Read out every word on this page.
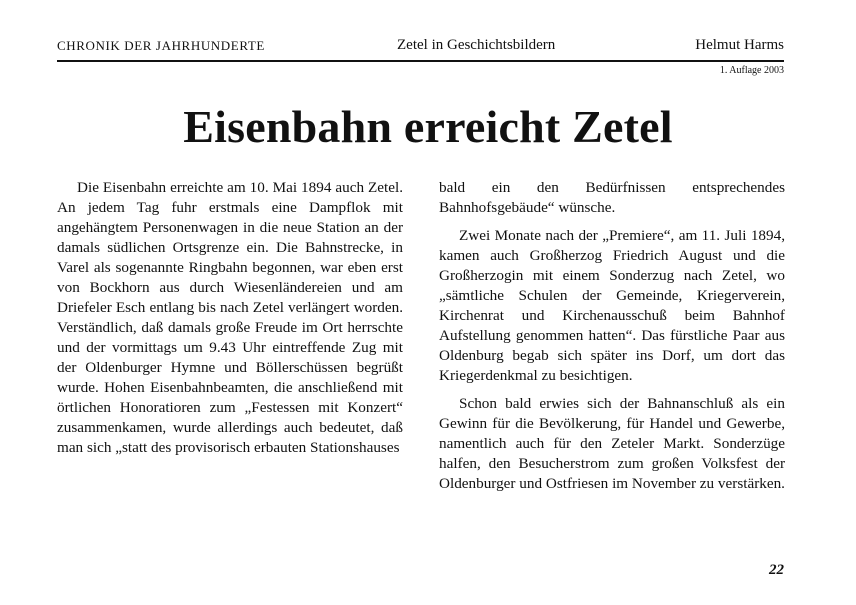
CHRONIK DER JAHRHUNDERTE	Zetel in Geschichtsbildern	Helmut Harms
1. Auflage 2003
Eisenbahn erreicht Zetel

Die Eisenbahn erreichte am 10. Mai 1894 auch Zetel. An jedem Tag fuhr erstmals eine Dampflok mit angehängtem Personenwagen in die neue Station an der damals südlichen Ortsgrenze ein. Die Bahnstrecke, in Varel als sogenannte Ringbahn begonnen, war eben erst von Bockhorn aus durch Wiesenländereien und am Driefeler Esch entlang bis nach Zetel verlängert worden. Verständlich, daß damals große Freude im Ort herrschte und der vormittags um 9.43 Uhr eintreffende Zug mit der Oldenburger Hymne und Böllerschüssen begrüßt wurde. Hohen Eisenbahnbeamten, die anschließend mit örtlichen Honoratioren zum „Festessen mit Konzert“ zusammenkamen, wurde allerdings auch bedeutet, daß man sich „statt des provisorisch erbauten Stationshauses

bald ein den Bedürfnissen entsprechendes Bahnhofsgebäude“ wünsche.

Zwei Monate nach der „Premiere“, am 11. Juli 1894, kamen auch Großherzog Friedrich August und die Großherzogin mit einem Sonderzug nach Zetel, wo „sämtliche Schulen der Gemeinde, Kriegerverein, Kirchenrat und Kirchenausschuß beim Bahnhof Aufstellung genommen hatten“. Das fürstliche Paar aus Oldenburg begab sich später ins Dorf, um dort das Kriegerdenkmal zu besichtigen.

Schon bald erwies sich der Bahnanschluß als ein Gewinn für die Bevölkerung, für Handel und Gewerbe, namentlich auch für den Zeteler Markt. Sonderzüge halfen, den Besucherstrom zum großen Volksfest der Oldenburger und Ostfriesen im November zu verstärken.

22
